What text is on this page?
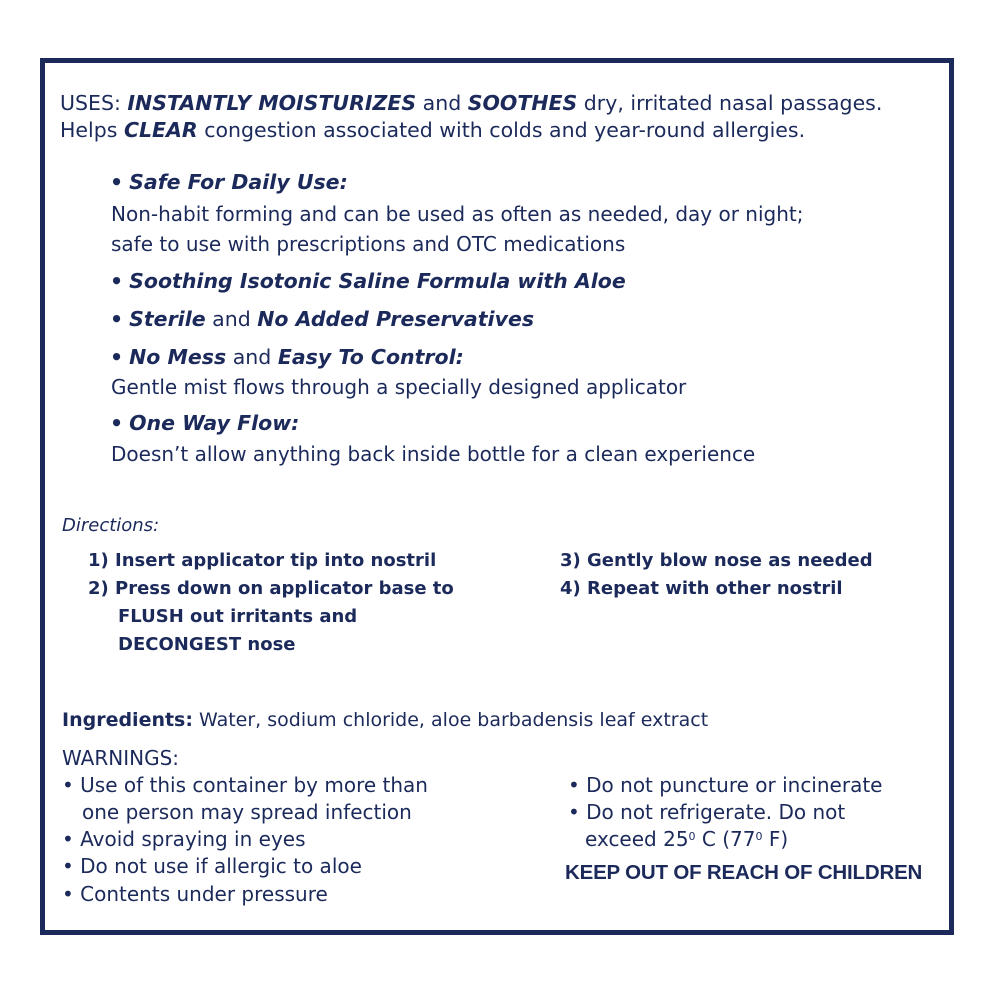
USES: INSTANTLY MOISTURIZES and SOOTHES dry, irritated nasal passages.
Helps CLEAR congestion associated with colds and year-round allergies.
• Safe For Daily Use:
Non-habit forming and can be used as often as needed, day or night;
safe to use with prescriptions and OTC medications
• Soothing Isotonic Saline Formula with Aloe
• Sterile and No Added Preservatives
• No Mess and Easy To Control:
Gentle mist flows through a specially designed applicator
• One Way Flow:
Doesn’t allow anything back inside bottle for a clean experience
Directions:
1) Insert applicator tip into nostril
2) Press down on applicator base to
FLUSH out irritants and
DECONGEST nose
3) Gently blow nose as needed
4) Repeat with other nostril
Ingredients: Water, sodium chloride, aloe barbadensis leaf extract
WARNINGS:
• Use of this container by more than
one person may spread infection
• Avoid spraying in eyes
• Do not use if allergic to aloe
• Contents under pressure
• Do not puncture or incinerate
• Do not refrigerate. Do not
exceed $25^0$ C ($77^0$ F)
KEEP OUT OF REACH OF CHILDREN
